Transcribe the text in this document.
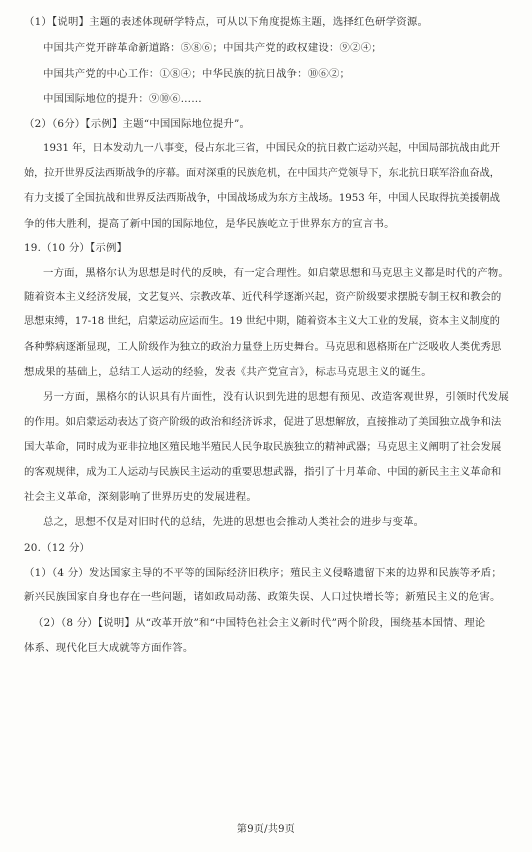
（1）【说明】主题的表述体现研学特点，可从以下角度提炼主题，选择红色研学资源。
中国共产党开辟革命新道路：⑤⑧⑥；中国共产党的政权建设：⑨②④；
中国共产党的中心工作：①⑧④；中华民族的抗日战争：⑩⑥②；
中国国际地位的提升：⑨⑩⑥……
（2）（6分）【示例】主题“中国国际地位提升”。
1931 年，日本发动九一八事变，侵占东北三省，中国民众的抗日救亡运动兴起，中国局部抗战由此开
始，拉开世界反法西斯战争的序幕。面对深重的民族危机，在中国共产党领导下，东北抗日联军浴血奋战，
有力支援了全国抗战和世界反法西斯战争，中国战场成为东方主战场。1953 年，中国人民取得抗美援朝战
争的伟大胜利，提高了新中国的国际地位，是华民族屹立于世界东方的宣言书。
19.（10 分）【示例】
一方面，黑格尔认为思想是时代的反映，有一定合理性。如启蒙思想和马克思主义都是时代的产物。
随着资本主义经济发展，文艺复兴、宗教改革、近代科学逐渐兴起，资产阶级要求摆脱专制王权和教会的
思想束缚，17-18 世纪，启蒙运动应运而生。19 世纪中期，随着资本主义大工业的发展，资本主义制度的
各种弊病逐渐显现，工人阶级作为独立的政治力量登上历史舞台。马克思和恩格斯在广泛吸收人类优秀思
想成果的基础上，总结工人运动的经验，发表《共产党宣言》，标志马克思主义的诞生。
另一方面，黑格尔的认识具有片面性，没有认识到先进的思想有预见、改造客观世界，引领时代发展
的作用。如启蒙运动表达了资产阶级的政治和经济诉求，促进了思想解放，直接推动了美国独立战争和法
国大革命，同时成为亚非拉地区殖民地半殖民人民争取民族独立的精神武器；马克思主义阐明了社会发展
的客观规律，成为工人运动与民族民主运动的重要思想武器，指引了十月革命、中国的新民主主义革命和
社会主义革命，深刻影响了世界历史的发展进程。
总之，思想不仅是对旧时代的总结，先进的思想也会推动人类社会的进步与变革。
20.（12 分）
（1）（4 分）发达国家主导的不平等的国际经济旧秩序；殖民主义侵略遗留下来的边界和民族等矛盾；
新兴民族国家自身也存在一些问题，诸如政局动荡、政策失误、人口过快增长等；新殖民主义的危害。
（2）（8 分）【说明】从“改革开放”和“中国特色社会主义新时代”两个阶段，围绕基本国情、理论
体系、现代化巨大成就等方面作答。
第9页/共9页
